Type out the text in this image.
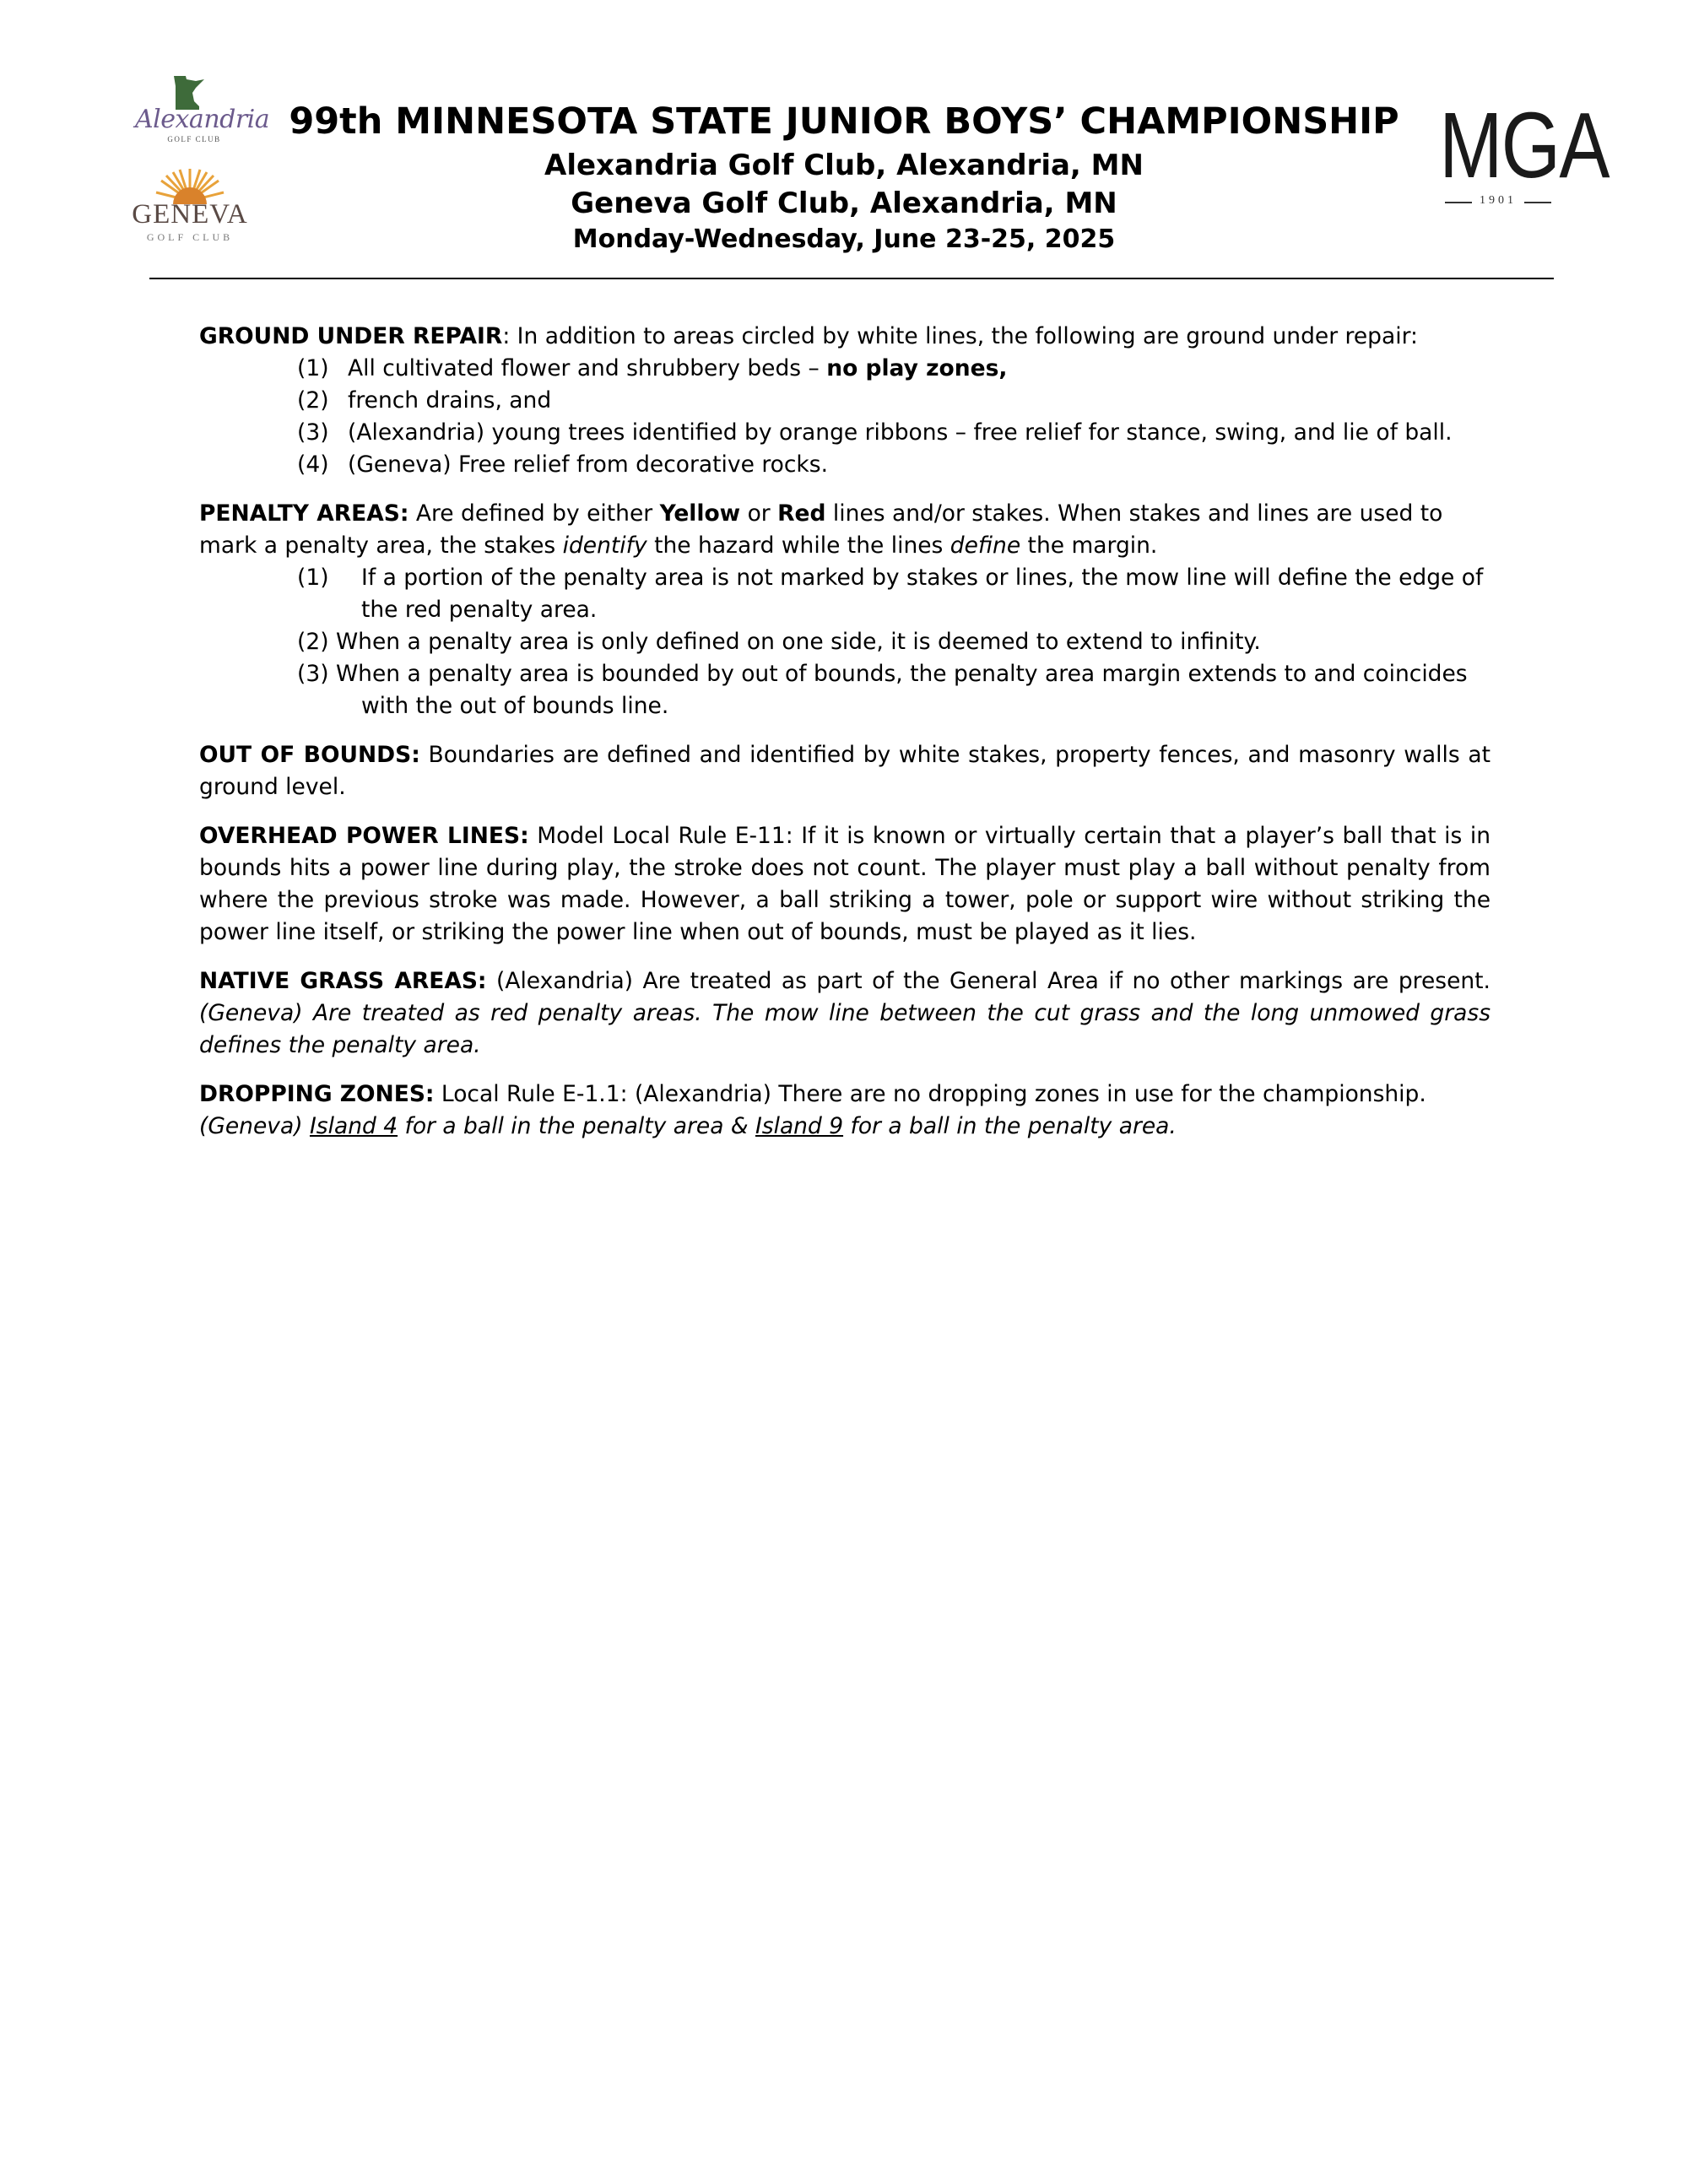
Alexandria
GOLF CLUB
GENEVA
GOLF CLUB
MGA
1901
99th MINNESOTA STATE JUNIOR BOYS’ CHAMPIONSHIP
Alexandria Golf Club, Alexandria, MN
Geneva Golf Club, Alexandria, MN
Monday-Wednesday, June 23-25, 2025
GROUND UNDER REPAIR: In addition to areas circled by white lines, the following are ground under repair:
(1) All cultivated flower and shrubbery beds – no play zones,
(2) french drains, and
(3) (Alexandria) young trees identified by orange ribbons – free relief for stance, swing, and lie of ball.
(4) (Geneva) Free relief from decorative rocks.
PENALTY AREAS: Are defined by either Yellow or Red lines and/or stakes. When stakes and lines are used to mark a penalty area, the stakes identify the hazard while the lines define the margin.
(1) If a portion of the penalty area is not marked by stakes or lines, the mow line will define the edge of the red penalty area.
(2) When a penalty area is only defined on one side, it is deemed to extend to infinity.
(3) When a penalty area is bounded by out of bounds, the penalty area margin extends to and coincides with the out of bounds line.
OUT OF BOUNDS: Boundaries are defined and identified by white stakes, property fences, and masonry walls at ground level.
OVERHEAD POWER LINES: Model Local Rule E-11: If it is known or virtually certain that a player’s ball that is in bounds hits a power line during play, the stroke does not count. The player must play a ball without penalty from where the previous stroke was made. However, a ball striking a tower, pole or support wire without striking the power line itself, or striking the power line when out of bounds, must be played as it lies.
NATIVE GRASS AREAS: (Alexandria) Are treated as part of the General Area if no other markings are present. (Geneva) Are treated as red penalty areas. The mow line between the cut grass and the long unmowed grass defines the penalty area.
DROPPING ZONES: Local Rule E-1.1: (Alexandria) There are no dropping zones in use for the championship.
(Geneva) Island 4 for a ball in the penalty area & Island 9 for a ball in the penalty area.
